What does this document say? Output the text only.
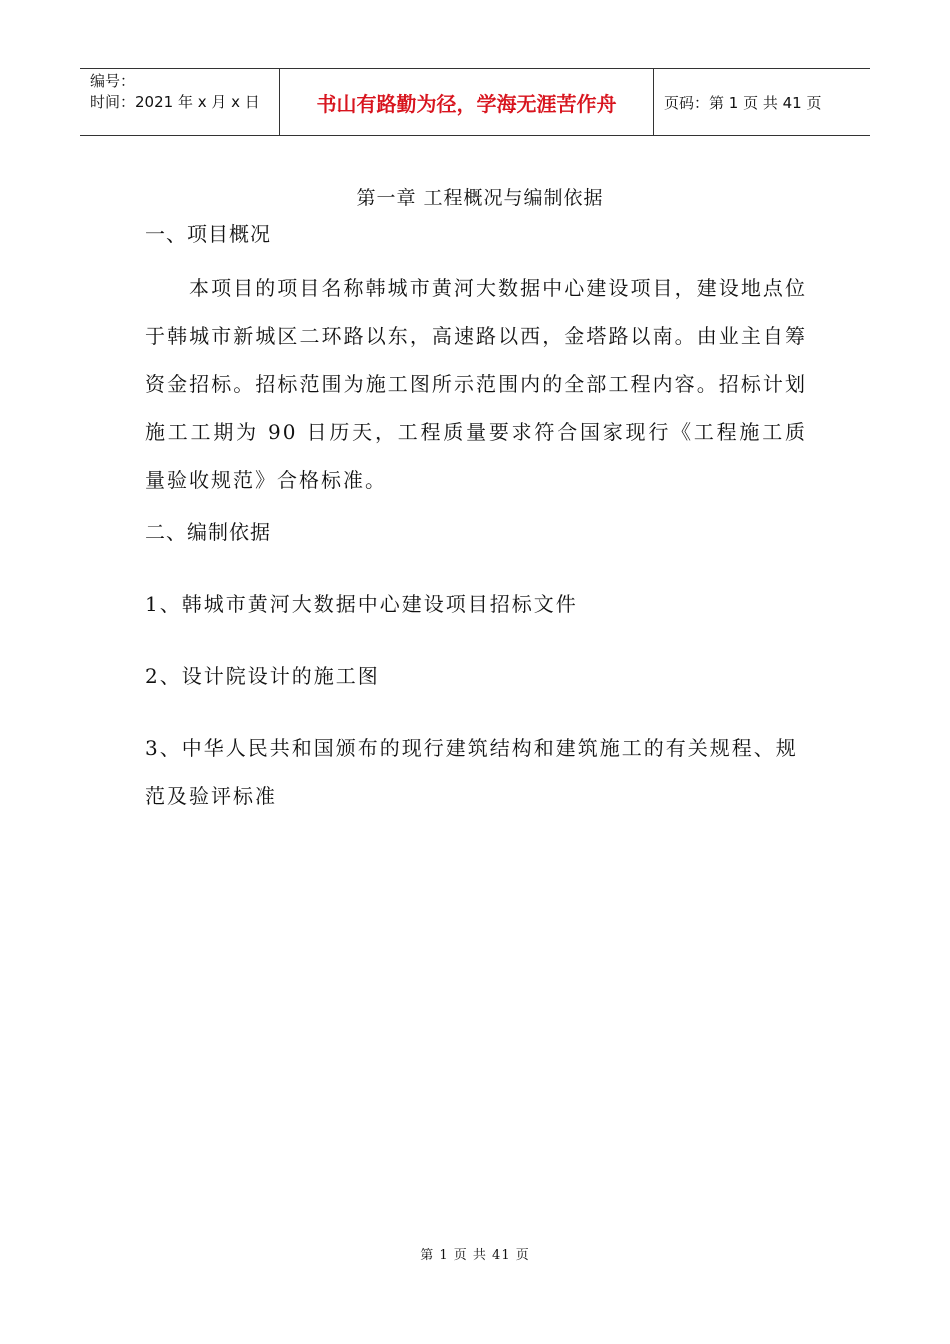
编号：
时间：2021 年 x 月 x 日	书山有路勤为径，学海无涯苦作舟	页码：第 1 页 共 41 页
第一章 工程概况与编制依据
一、项目概况
本项目的项目名称韩城市黄河大数据中心建设项目，建设地点位于韩城市新城区二环路以东，高速路以西，金塔路以南。由业主自筹资金招标。招标范围为施工图所示范围内的全部工程内容。招标计划施工工期为 90 日历天，工程质量要求符合国家现行《工程施工质量验收规范》合格标准。
二、编制依据
1、韩城市黄河大数据中心建设项目招标文件
2、设计院设计的施工图
3、中华人民共和国颁布的现行建筑结构和建筑施工的有关规程、规范及验评标准
第 1 页 共 41 页
